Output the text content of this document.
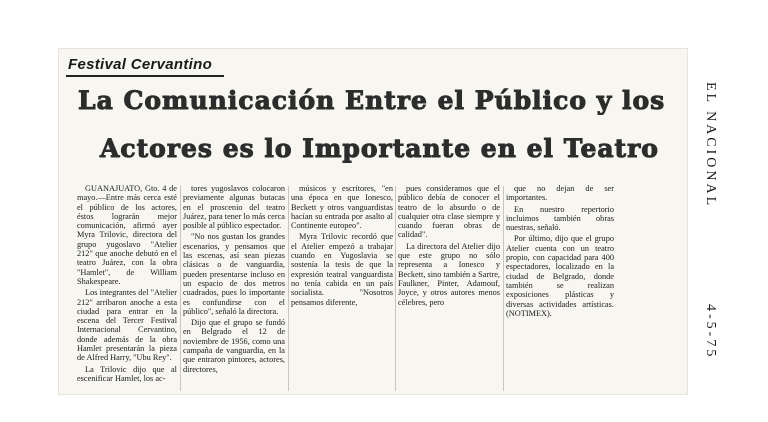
Festival Cervantino
La Comunicación Entre el Público y los
Actores es lo Importante en el Teatro	EL NACIONAL
4-5-75

GUANAJUATO, Gto. 4 de mayo.—Entre más cerca esté el público de los actores, éstos lograrán mejor comunicación, afirmó ayer Myra Trilovic, directora del grupo yugoslavo "Atelier 212" que anoche debutó en el teatro Juárez, con la obra "Hamlet", de William Shakespeare.

Los integrantes del "Atelier 212" arribaron anoche a esta ciudad para entrar en la escena del Tercer Festival Internacional Cervantino, donde además de la obra Hamlet presentarán la pieza de Alfred Harry, "Ubu Rey".

La Trilovic dijo que al escenificar Hamlet, los ac-

tores yugoslavos colocaron previamente algunas butacas en el proscenio del teatro Juárez, para tener lo más cerca posible al público espectador.

"No nos gustan los grandes escenarios, y pensamos que las escenas, así sean piezas clásicas o de vanguardia, pueden presentarse incluso en un espacio de dos metros cuadrados, pues lo importante es confundirse con el público", señaló la directora.

Dijo que el grupo se fundó en Belgrado el 12 de noviembre de 1956, como una campaña de vanguardia, en la que entraron pintores, actores, directores,

músicos y escritores, "en una época en que Ionesco, Beckett y otros vanguardistas hacían su entrada por asalto al Continente europeo".

Myra Trilovic recordó que el Atelier empezó a trabajar cuando en Yugoslavia se sostenía la tesis de que la expresión teatral vanguardista no tenía cabida en un país socialista. "Nosotros pensamos diferente,

pues consideramos que el público debía de conocer el teatro de lo absurdo o de cualquier otra clase siempre y cuando fueran obras de calidad".

La directora del Atelier dijo que este grupo no sólo representa a Ionesco y Beckett, sino también a Sartre, Faulkner, Pinter, Adamouf, Joyce, y otros autores menos célebres, pero

que no dejan de ser importantes.

En nuestro repertorio incluimos también obras nuestras, señaló.

Por último, dijo que el grupo Atelier cuenta con un teatro propio, con capacidad para 400 espectadores, localizado en la ciudad de Belgrado, donde también se realizan exposiciones plásticas y diversas actividades artísticas. (NOTIMEX).
